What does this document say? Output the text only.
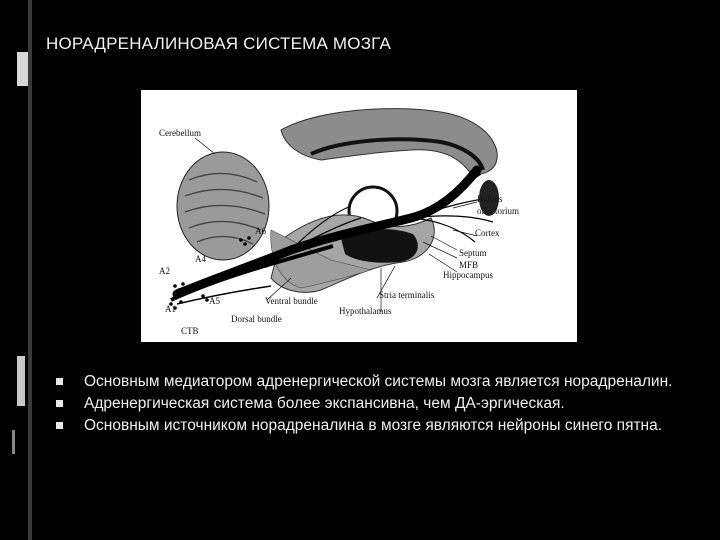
НОРАДРЕНАЛИНОВАЯ СИСТЕМА МОЗГА
Cerebellum
Bulbus
olfactorium
Cortex
Septum
MFB
Hippocampus
Stria terminalis
Hypothalamus
A6
A4
A7
A2
A5	Ventral bundle
A1
Dorsal bundle
CTB
Основным медиатором адренергической системы мозга является норадреналин.
Адренергическая система более экспансивна, чем ДА-эргическая.
Основным источником норадреналина в мозге являются нейроны синего пятна.
